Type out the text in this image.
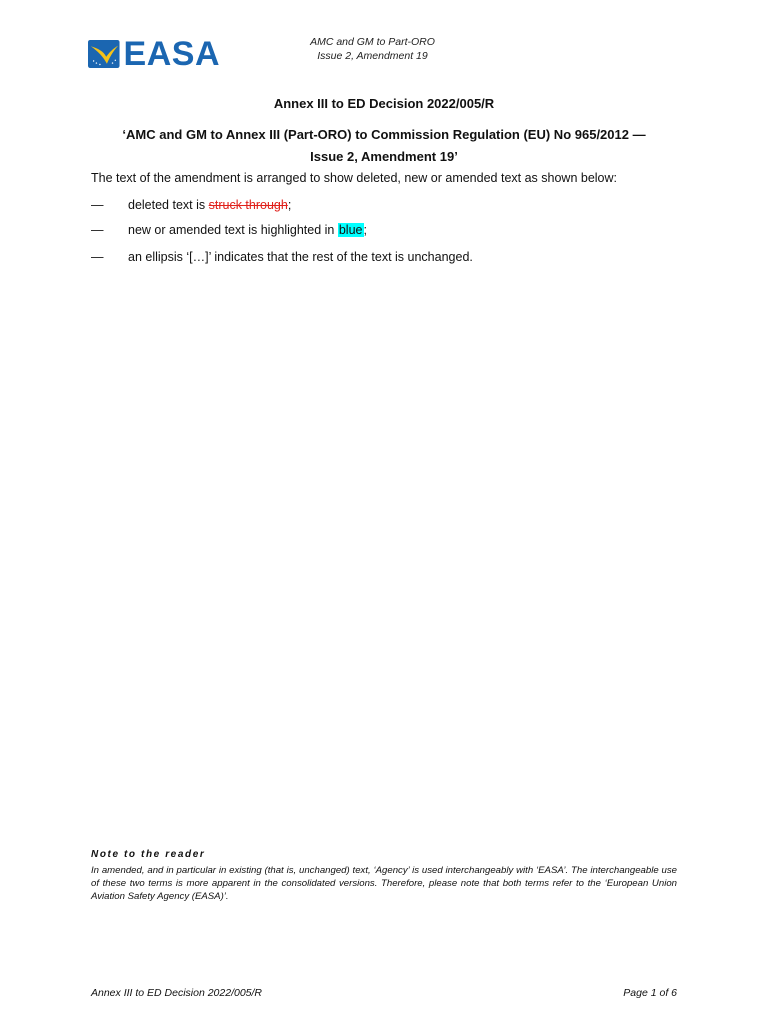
EASA	AMC and GM to Part-ORO
Issue 2, Amendment 19
Annex III to ED Decision 2022/005/R
‘AMC and GM to Annex III (Part-ORO) to Commission Regulation (EU) No 965/2012 —
Issue 2, Amendment 19’
The text of the amendment is arranged to show deleted, new or amended text as shown below:
—	deleted text is struck through;
—	new or amended text is highlighted in blue;
—	an ellipsis ‘[…]’ indicates that the rest of the text is unchanged.
Note to the reader
In amended, and in particular in existing (that is, unchanged) text, ‘Agency’ is used interchangeably with ‘EASA’. The interchangeable use of these two terms is more apparent in the consolidated versions. Therefore, please note that both terms refer to the ‘European Union Aviation Safety Agency (EASA)’.
Annex III to ED Decision 2022/005/R	Page 1 of 6
